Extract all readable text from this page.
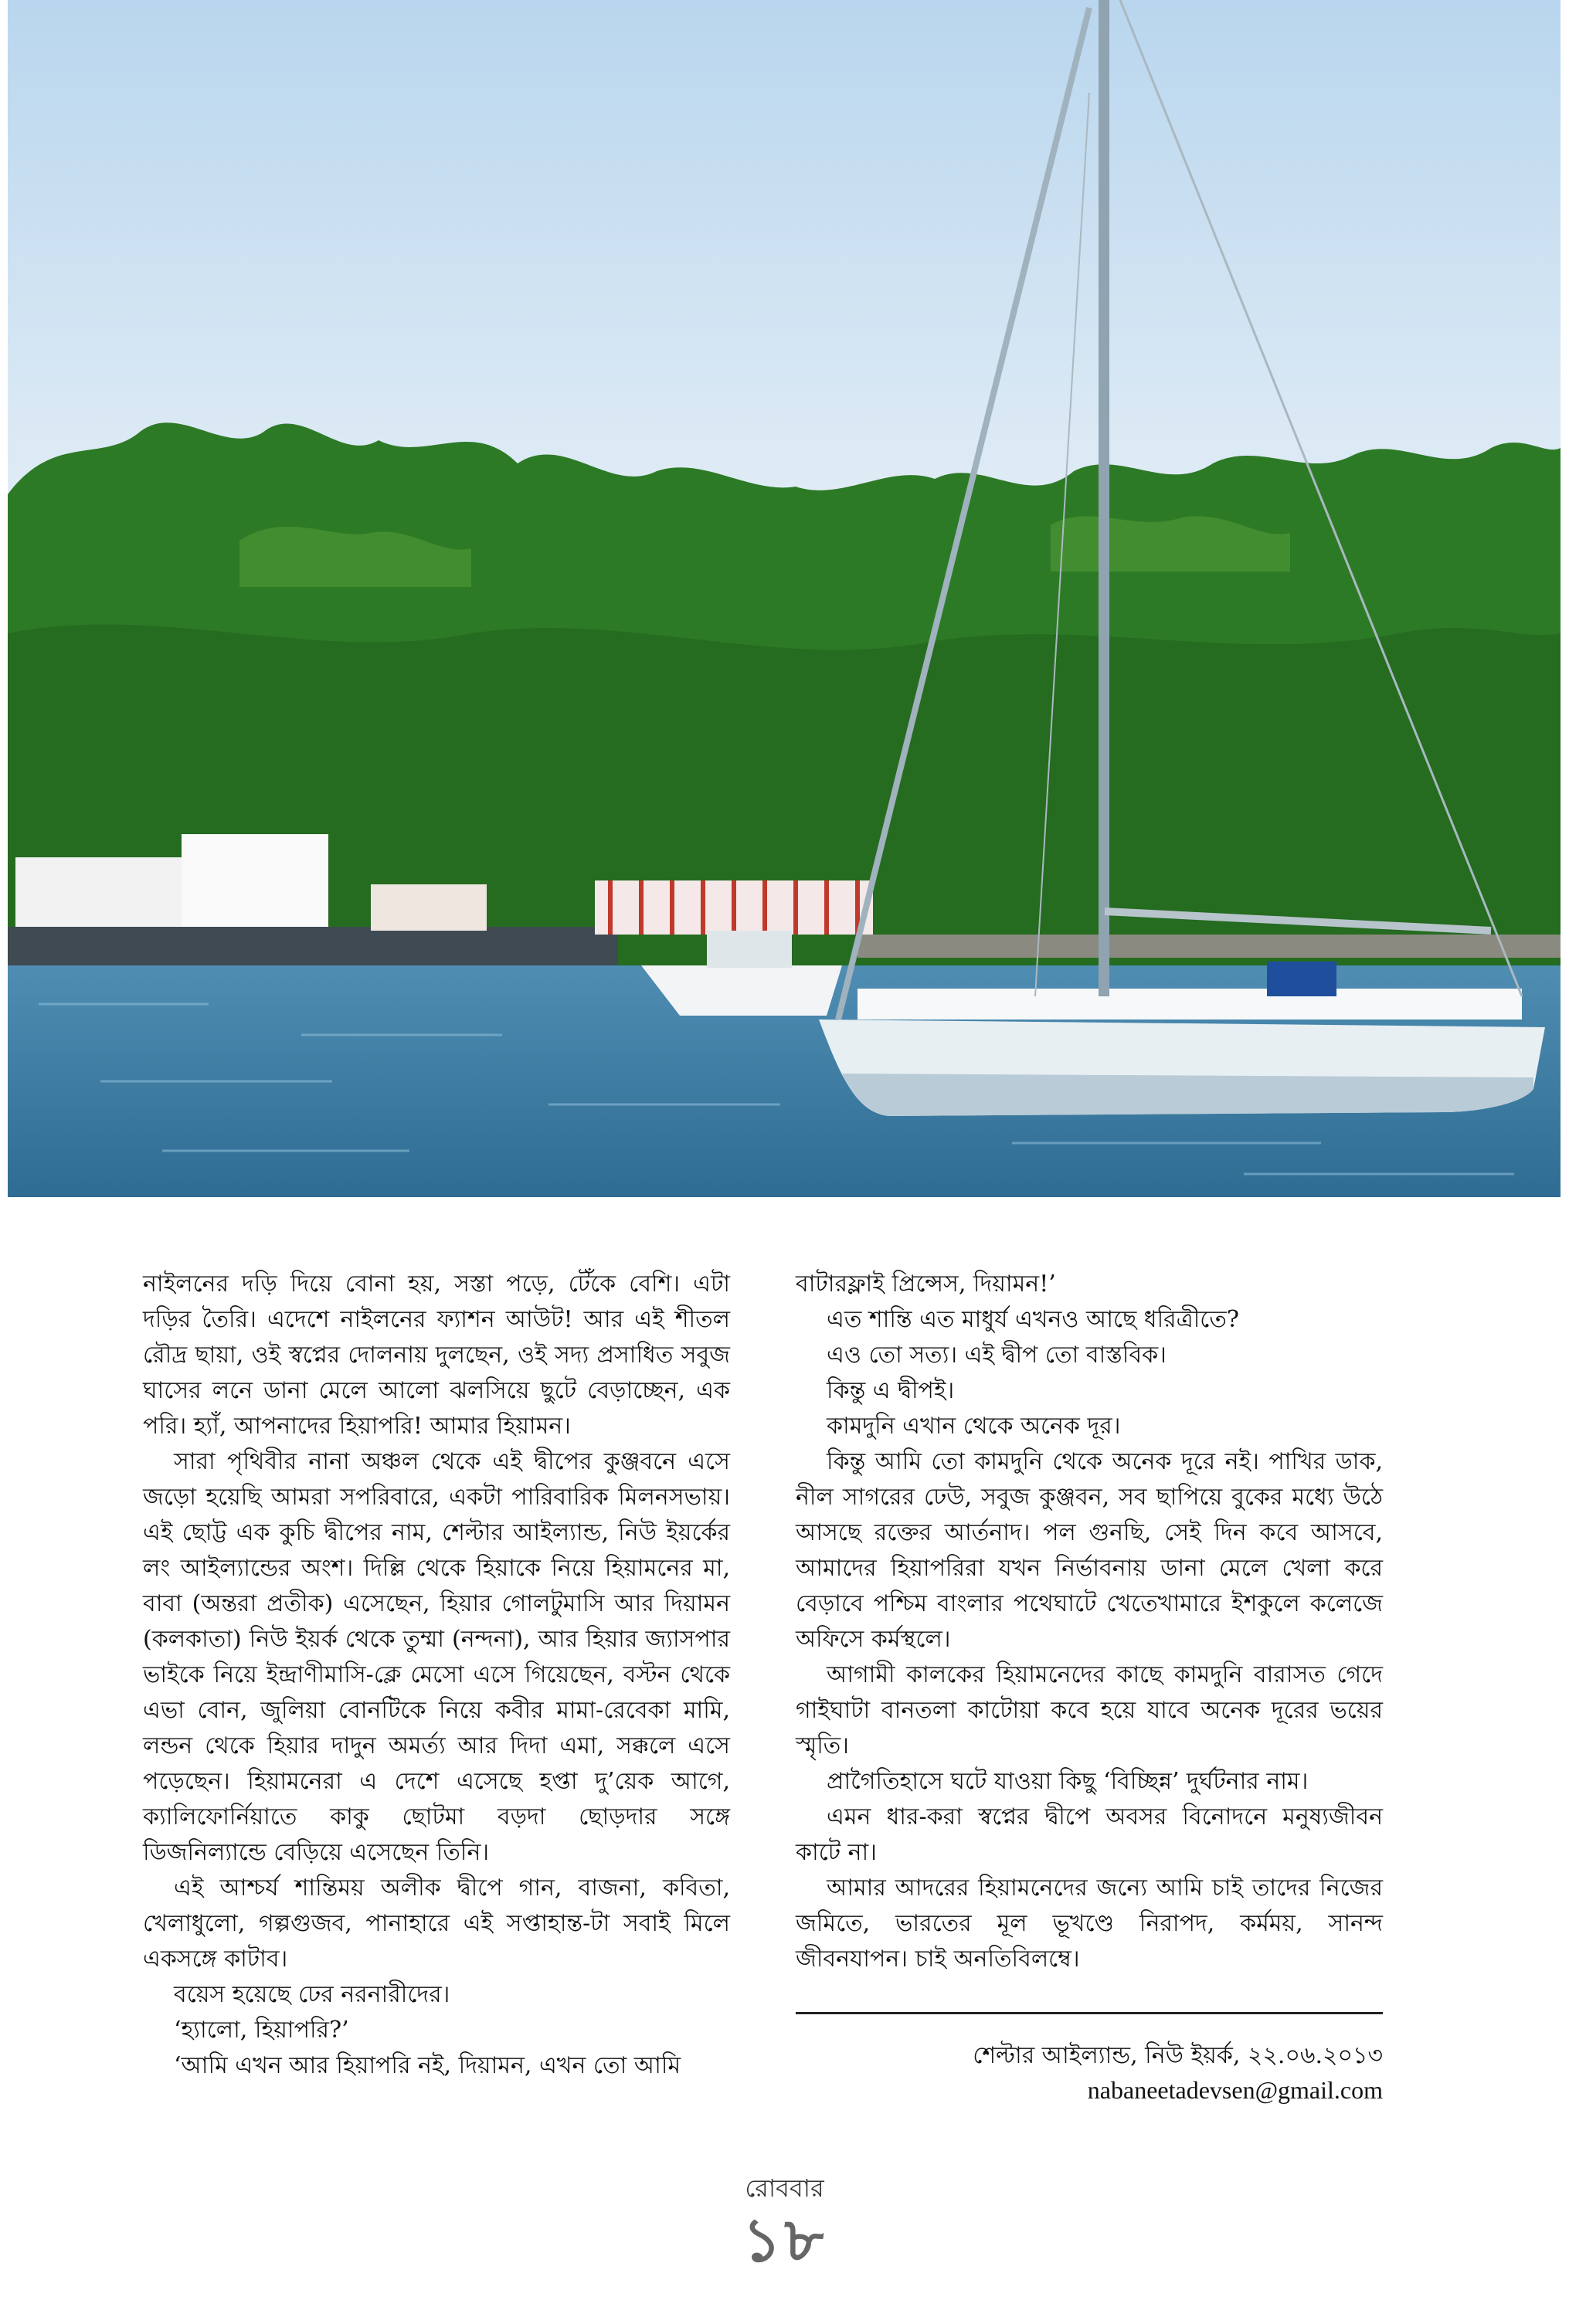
নাইলনের দড়ি দিয়ে বোনা হয়, সস্তা পড়ে, টেঁকে বেশি। এটা দড়ির তৈরি। এদেশে নাইলনের ফ্যাশন আউট! আর এই শীতল রৌদ্র ছায়া, ওই স্বপ্নের দোলনায় দুলছেন, ওই সদ্য প্রসাধিত সবুজ ঘাসের লনে ডানা মেলে আলো ঝলসিয়ে ছুটে বেড়াচ্ছেন, এক পরি। হ্যাঁ, আপনাদের হিয়াপরি! আমার হিয়ামন।

সারা পৃথিবীর নানা অঞ্চল থেকে এই দ্বীপের কুঞ্জবনে এসে জড়ো হয়েছি আমরা সপরিবারে, একটা পারিবারিক মিলনসভায়। এই ছোট্ট এক কুচি দ্বীপের নাম, শেল্টার আইল্যান্ড, নিউ ইয়র্কের লং আইল্যান্ডের অংশ। দিল্লি থেকে হিয়াকে নিয়ে হিয়ামনের মা, বাবা (অন্তরা প্রতীক) এসেছেন, হিয়ার গোলটুমাসি আর দিয়ামন (কলকাতা) নিউ ইয়র্ক থেকে তুম্মা (নন্দনা), আর হিয়ার জ্যাসপার ভাইকে নিয়ে ইন্দ্রাণীমাসি-ক্লে মেসো এসে গিয়েছেন, বস্টন থেকে এভা বোন, জুলিয়া বোনটিকে নিয়ে কবীর মামা-রেবেকা মামি, লন্ডন থেকে হিয়ার দাদুন অমর্ত্য আর দিদা এমা, সক্কলে এসে পড়েছেন। হিয়ামনেরা এ দেশে এসেছে হপ্তা দু’য়েক আগে, ক্যালিফোর্নিয়াতে কাকু ছোটমা বড়দা ছোড়দার সঙ্গে ডিজনিল্যান্ডে বেড়িয়ে এসেছেন তিনি।

এই আশ্চর্য শান্তিময় অলীক দ্বীপে গান, বাজনা, কবিতা, খেলাধুলো, গল্পগুজব, পানাহারে এই সপ্তাহান্ত-টা সবাই মিলে একসঙ্গে কাটাব।

বয়েস হয়েছে ঢের নরনারীদের।

‘হ্যালো, হিয়াপরি?’

‘আমি এখন আর হিয়াপরি নই, দিয়ামন, এখন তো আমি

বাটারফ্লাই প্রিন্সেস, দিয়ামন!’

এত শান্তি এত মাধুর্য এখনও আছে ধরিত্রীতে?

এও তো সত্য। এই দ্বীপ তো বাস্তবিক।

কিন্তু এ দ্বীপই।

কামদুনি এখান থেকে অনেক দূর।

কিন্তু আমি তো কামদুনি থেকে অনেক দূরে নই। পাখির ডাক, নীল সাগরের ঢেউ, সবুজ কুঞ্জবন, সব ছাপিয়ে বুকের মধ্যে উঠে আসছে রক্তের আর্তনাদ। পল গুনছি, সেই দিন কবে আসবে, আমাদের হিয়াপরিরা যখন নির্ভাবনায় ডানা মেলে খেলা করে বেড়াবে পশ্চিম বাংলার পথেঘাটে খেতেখামারে ইশকুলে কলেজে অফিসে কর্মস্থলে।

আগামী কালকের হিয়ামনেদের কাছে কামদুনি বারাসত গেদে গাইঘাটা বানতলা কাটোয়া কবে হয়ে যাবে অনেক দূরের ভয়ের স্মৃতি।

প্রাগৈতিহাসে ঘটে যাওয়া কিছু ‘বিচ্ছিন্ন’ দুর্ঘটনার নাম।

এমন ধার-করা স্বপ্নের দ্বীপে অবসর বিনোদনে মনুষ্যজীবন কাটে না।

আমার আদরের হিয়ামনেদের জন্যে আমি চাই তাদের নিজের জমিতে, ভারতের মূল ভূখণ্ডে নিরাপদ, কর্মময়, সানন্দ জীবনযাপন। চাই অনতিবিলম্বে।

শেল্টার আইল্যান্ড, নিউ ইয়র্ক, ২২.০৬.২০১৩
nabaneetadevsen@gmail.com
রোববার
১৮
